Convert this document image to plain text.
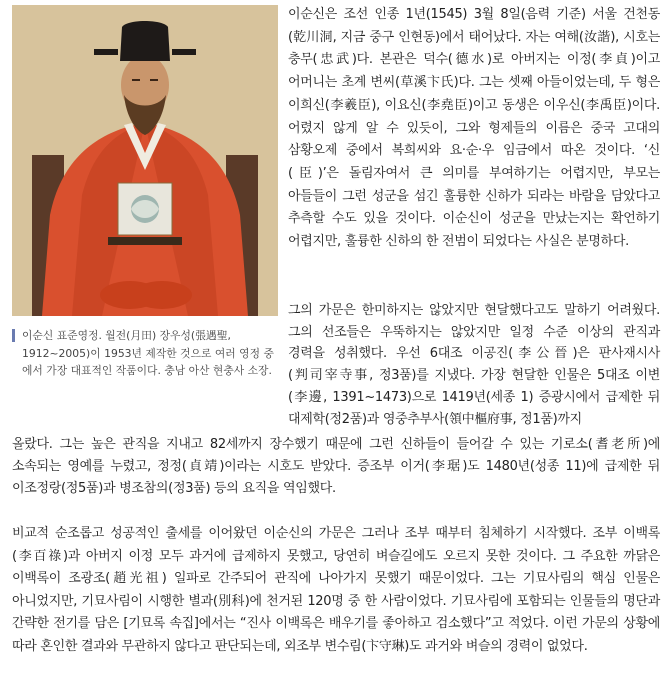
이순신 표준영정. 월전(月田) 장우성(張遇聖, 1912~2005)이 1953년 제작한 것으로 여러 영정 중에서 가장 대표적인 작품이다. 충남 아산 현충사 소장.

이순신은 조선 인종 1년(1545) 3월 8일(음력 기준) 서울 건천동(乾川洞, 지금 중구 인현동)에서 태어났다. 자는 여해(汝諧), 시호는 충무(忠武)다. 본관은 덕수(德水)로 아버지는 이정(李貞)이고 어머니는 초계 변씨(草溪卞氏)다. 그는 셋째 아들이었는데, 두 형은 이희신(李羲臣), 이요신(李堯臣)이고 동생은 이우신(李禹臣)이다. 어렸지 않게 알 수 있듯이, 그와 형제들의 이름은 중국 고대의 삼황오제 중에서 복희씨와 요·순·우 임금에서 따온 것이다. ‘신(臣)’은 돌림자여서 큰 의미를 부여하기는 어렵지만, 부모는 아들들이 그런 성군을 섬긴 훌륭한 신하가 되라는 바람을 담았다고 추측할 수도 있을 것이다. 이순신이 성군을 만났는지는 확언하기 어렵지만, 훌륭한 신하의 한 전범이 되었다는 사실은 분명하다.

그의 가문은 한미하지는 않았지만 현달했다고도 말하기 어려웠다. 그의 선조들은 우뚝하지는 않았지만 일정 수준 이상의 관직과 경력을 성취했다. 우선 6대조 이공진(李公晉)은 판사재시사(判司宰寺事, 정3품)를 지냈다. 가장 현달한 인물은 5대조 이변(李邊, 1391~1473)으로 1419년(세종 1) 증광시에서 급제한 뒤 대제학(정2품)과 영중추부사(領中樞府事, 정1품)까지

올랐다. 그는 높은 관직을 지내고 82세까지 장수했기 때문에 그런 신하들이 들어갈 수 있는 기로소(耆老所)에 소속되는 영예를 누렸고, 정정(貞靖)이라는 시호도 받았다. 증조부 이거(李琚)도 1480년(성종 11)에 급제한 뒤 이조정랑(정5품)과 병조참의(정3품) 등의 요직을 역임했다.

비교적 순조롭고 성공적인 출세를 이어왔던 이순신의 가문은 그러나 조부 때부터 침체하기 시작했다. 조부 이백록(李百祿)과 아버지 이정 모두 과거에 급제하지 못했고, 당연히 벼슬길에도 오르지 못한 것이다. 그 주요한 까닭은 이백록이 조광조(趙光祖) 일파로 간주되어 관직에 나아가지 못했기 때문이었다. 그는 기묘사림의 핵심 인물은 아니었지만, 기묘사림이 시행한 별과(別科)에 천거된 120명 중 한 사람이었다. 기묘사림에 포함되는 인물들의 명단과 간략한 전기를 담은 [기묘록 속집]에서는 “진사 이백록은 배우기를 좋아하고 검소했다”고 적었다. 이런 가문의 상황에 따라 혼인한 결과와 무관하지 않다고 판단되는데, 외조부 변수림(卞守琳)도 과거와 벼슬의 경력이 없었다.
